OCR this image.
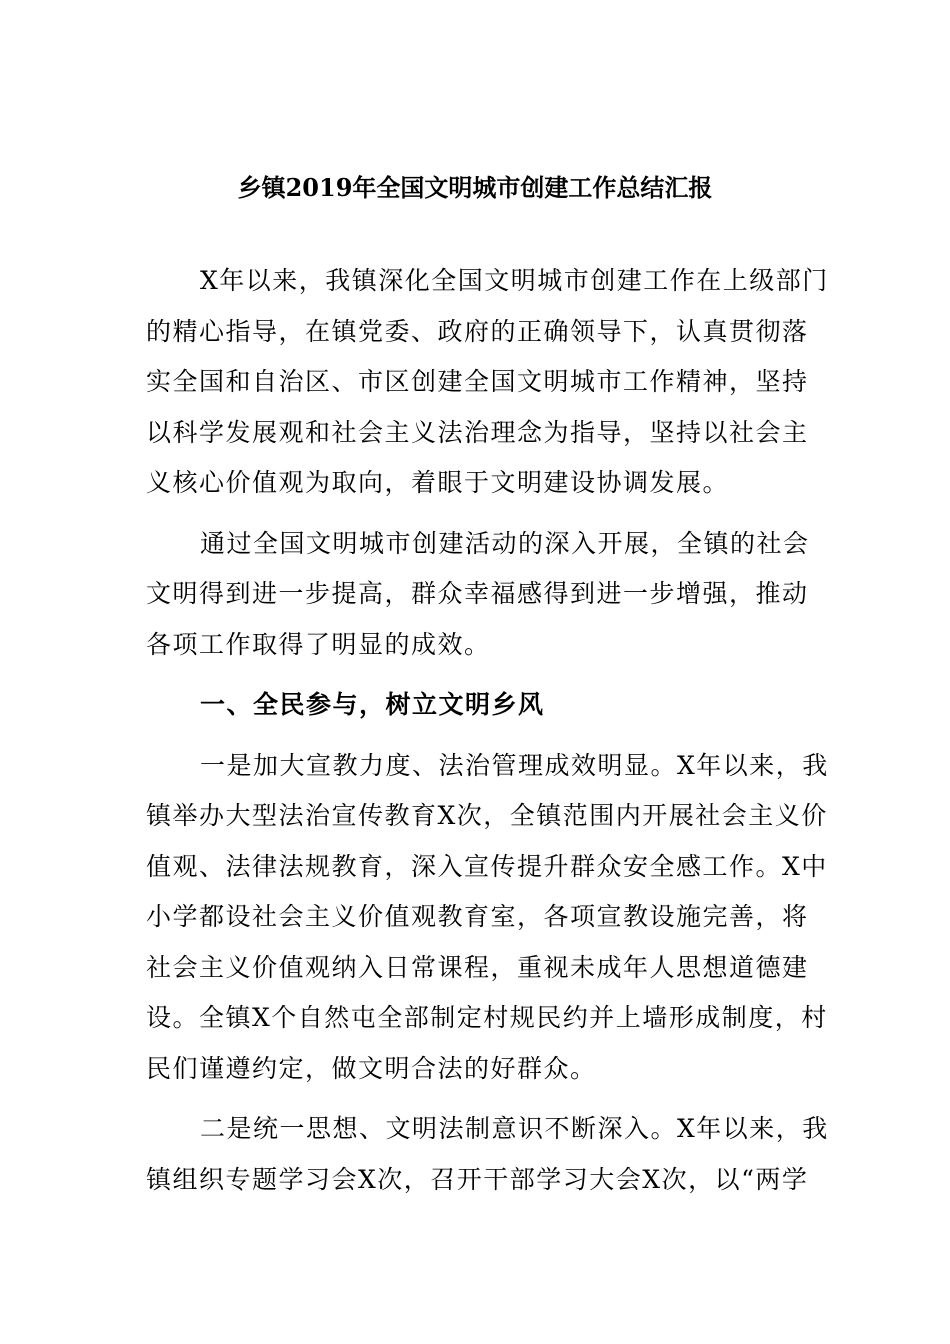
乡镇2019年全国文明城市创建工作总结汇报
X年以来，我镇深化全国文明城市创建工作在上级部门
的精心指导，在镇党委、政府的正确领导下，认真贯彻落
实全国和自治区、市区创建全国文明城市工作精神，坚持
以科学发展观和社会主义法治理念为指导，坚持以社会主
义核心价值观为取向，着眼于文明建设协调发展。
通过全国文明城市创建活动的深入开展，全镇的社会
文明得到进一步提高，群众幸福感得到进一步增强，推动
各项工作取得了明显的成效。
一、全民参与，树立文明乡风
一是加大宣教力度、法治管理成效明显。X年以来，我
镇举办大型法治宣传教育X次，全镇范围内开展社会主义价
值观、法律法规教育，深入宣传提升群众安全感工作。X中
小学都设社会主义价值观教育室，各项宣教设施完善，将
社会主义价值观纳入日常课程，重视未成年人思想道德建
设。全镇X个自然屯全部制定村规民约并上墙形成制度，村
民们谨遵约定，做文明合法的好群众。
二是统一思想、文明法制意识不断深入。X年以来，我
镇组织专题学习会X次，召开干部学习大会X次，以“两学
